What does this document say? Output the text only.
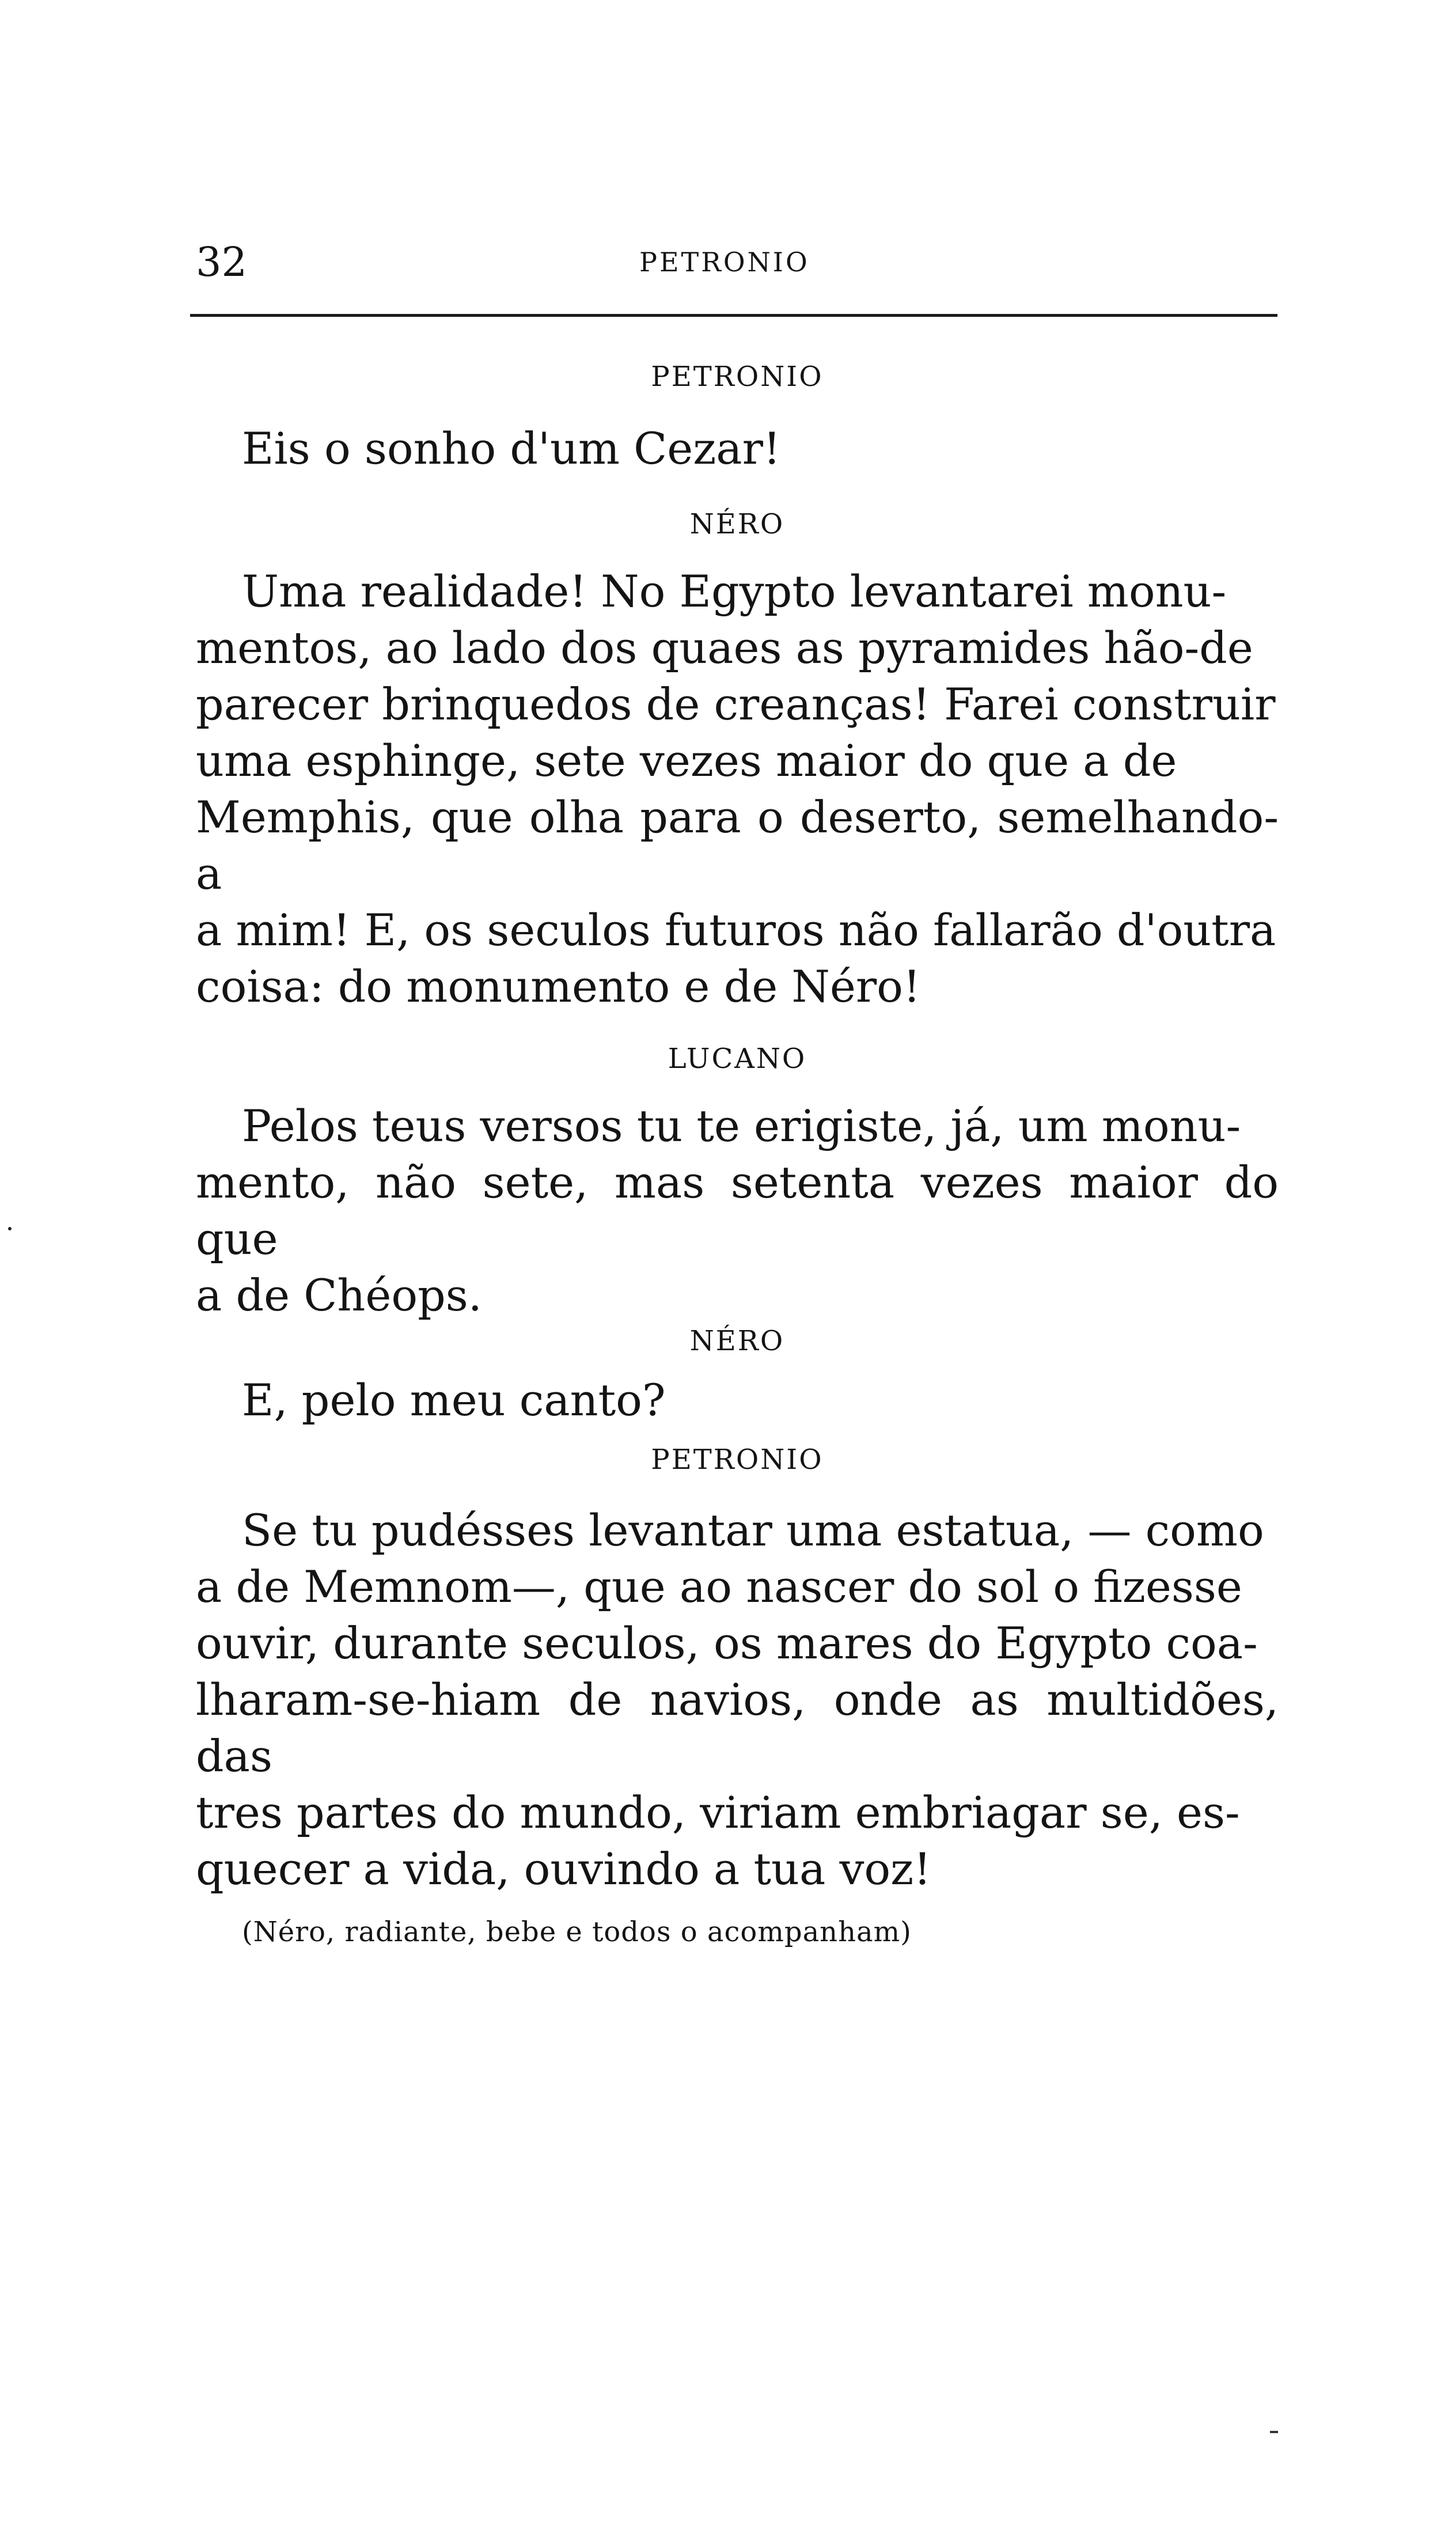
32	PETRONIO
PETRONIO
Eis o sonho d'um Cezar!
NÉRO
Uma realidade! No Egypto levantarei monu-
mentos, ao lado dos quaes as pyramides hão-de
parecer brinquedos de creanças! Farei construir
uma esphinge, sete vezes maior do que a de
Memphis, que olha para o deserto, semelhando-a
a mim! E, os seculos futuros não fallarão d'outra
coisa: do monumento e de Néro!
LUCANO
Pelos teus versos tu te erigiste, já, um monu-
mento, não sete, mas setenta vezes maior do que
a de Chéops.
NÉRO
E, pelo meu canto?
PETRONIO
Se tu pudésses levantar uma estatua, — como
a de Memnom—, que ao nascer do sol o fizesse
ouvir, durante seculos, os mares do Egypto coa-
lharam-se-hiam de navios, onde as multidões, das
tres partes do mundo, viriam embriagar se, es-
quecer a vida, ouvindo a tua voz!
(Néro, radiante, bebe e todos o acompanham)
